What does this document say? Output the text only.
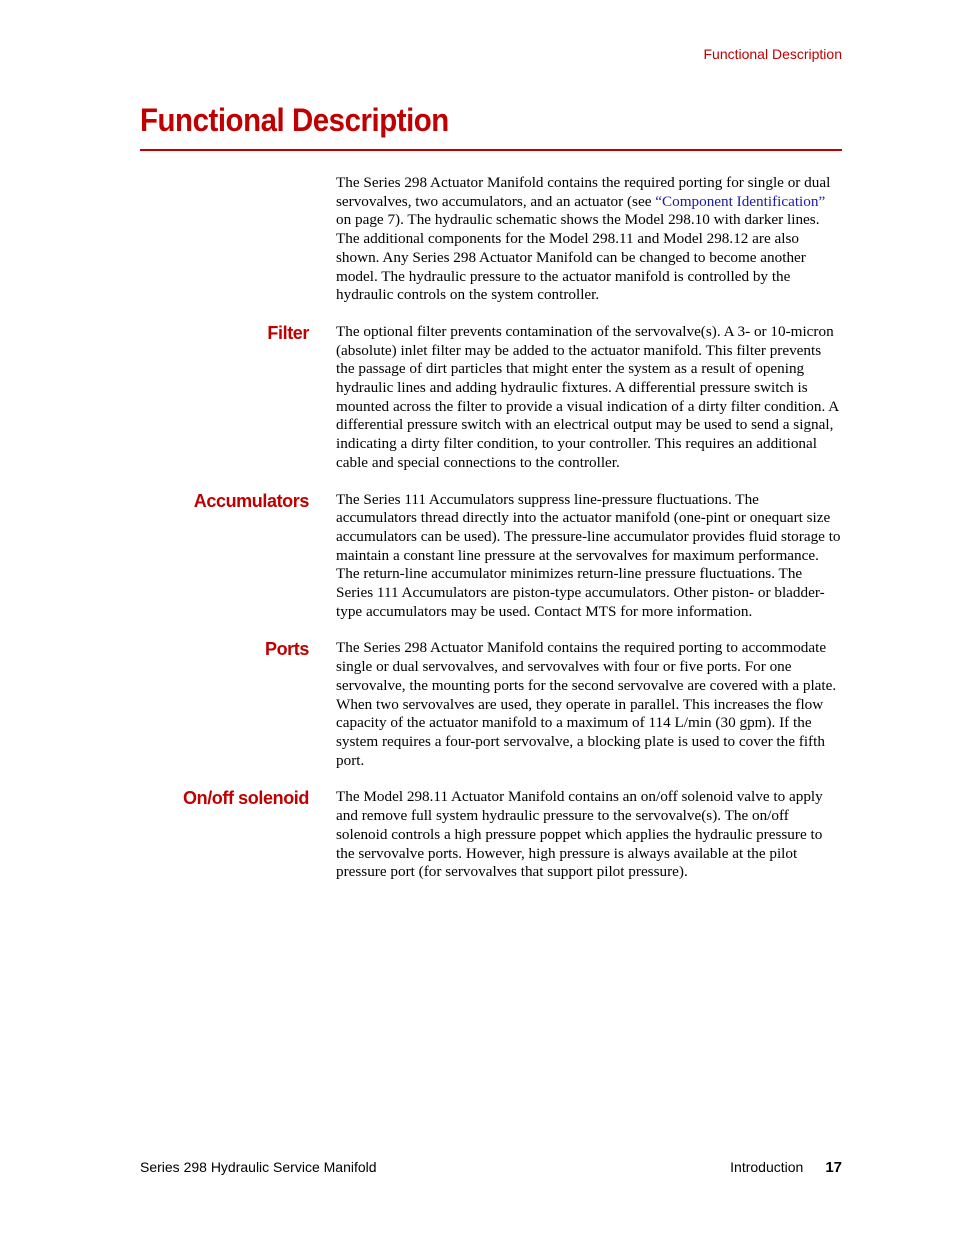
Functional Description
Functional Description
The Series 298 Actuator Manifold contains the required porting for single or dual servovalves, two accumulators, and an actuator (see “Component Identification” on page 7). The hydraulic schematic shows the Model 298.10 with darker lines. The additional components for the Model 298.11 and Model 298.12 are also shown. Any Series 298 Actuator Manifold can be changed to become another model. The hydraulic pressure to the actuator manifold is controlled by the hydraulic controls on the system controller.
Filter The optional filter prevents contamination of the servovalve(s). A 3- or 10-micron (absolute) inlet filter may be added to the actuator manifold. This filter prevents the passage of dirt particles that might enter the system as a result of opening hydraulic lines and adding hydraulic fixtures. A differential pressure switch is mounted across the filter to provide a visual indication of a dirty filter condition. A differential pressure switch with an electrical output may be used to send a signal, indicating a dirty filter condition, to your controller. This requires an additional cable and special connections to the controller.
Accumulators The Series 111 Accumulators suppress line-pressure fluctuations. The accumulators thread directly into the actuator manifold (one-pint or onequart size accumulators can be used). The pressure-line accumulator provides fluid storage to maintain a constant line pressure at the servovalves for maximum performance. The return-line accumulator minimizes return-line pressure fluctuations. The Series 111 Accumulators are piston-type accumulators. Other piston- or bladder-type accumulators may be used. Contact MTS for more information.
Ports The Series 298 Actuator Manifold contains the required porting to accommodate single or dual servovalves, and servovalves with four or five ports. For one servovalve, the mounting ports for the second servovalve are covered with a plate. When two servovalves are used, they operate in parallel. This increases the flow capacity of the actuator manifold to a maximum of 114 L/min (30 gpm). If the system requires a four-port servovalve, a blocking plate is used to cover the fifth port.
On/off solenoid The Model 298.11 Actuator Manifold contains an on/off solenoid valve to apply and remove full system hydraulic pressure to the servovalve(s). The on/off solenoid controls a high pressure poppet which applies the hydraulic pressure to the servovalve ports. However, high pressure is always available at the pilot pressure port (for servovalves that support pilot pressure).
Series 298 Hydraulic Service Manifold	Introduction 17
